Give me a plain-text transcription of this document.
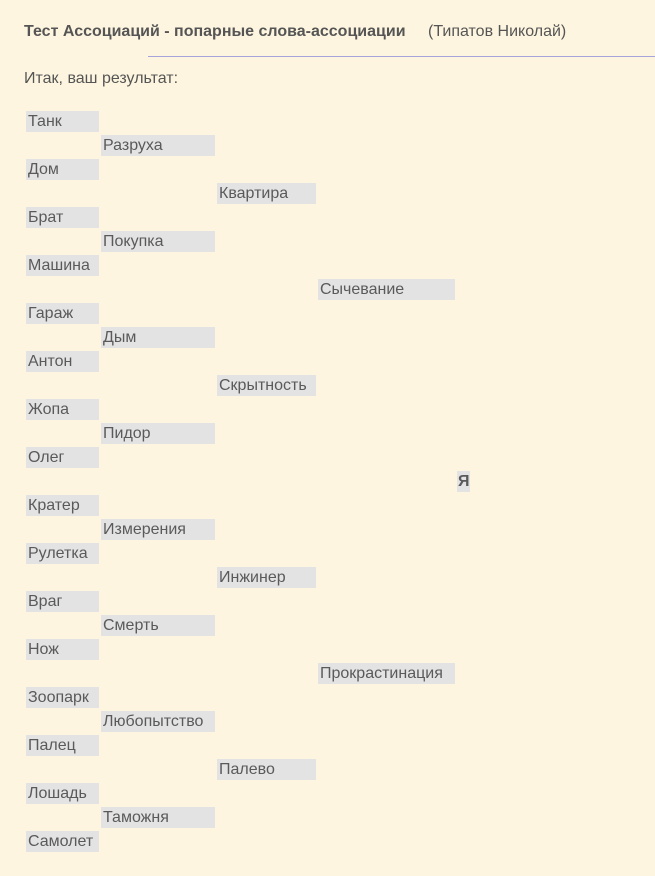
Тест Ассоциаций - попарные слова-ассоциации (Типатов Николай)
Итак, ваш результат:
Танк
Дом
Брат
Машина
Гараж
Антон
Жопа
Олег
Кратер
Рулетка
Враг
Нож
Зоопарк
Палец
Лошадь
Самолет
Разруха
Покупка
Дым
Пидор
Измерения
Смерть
Любопытство
Таможня
Квартира
Скрытность
Инжинер
Палево
Сычевание
Прокрастинация
Я
